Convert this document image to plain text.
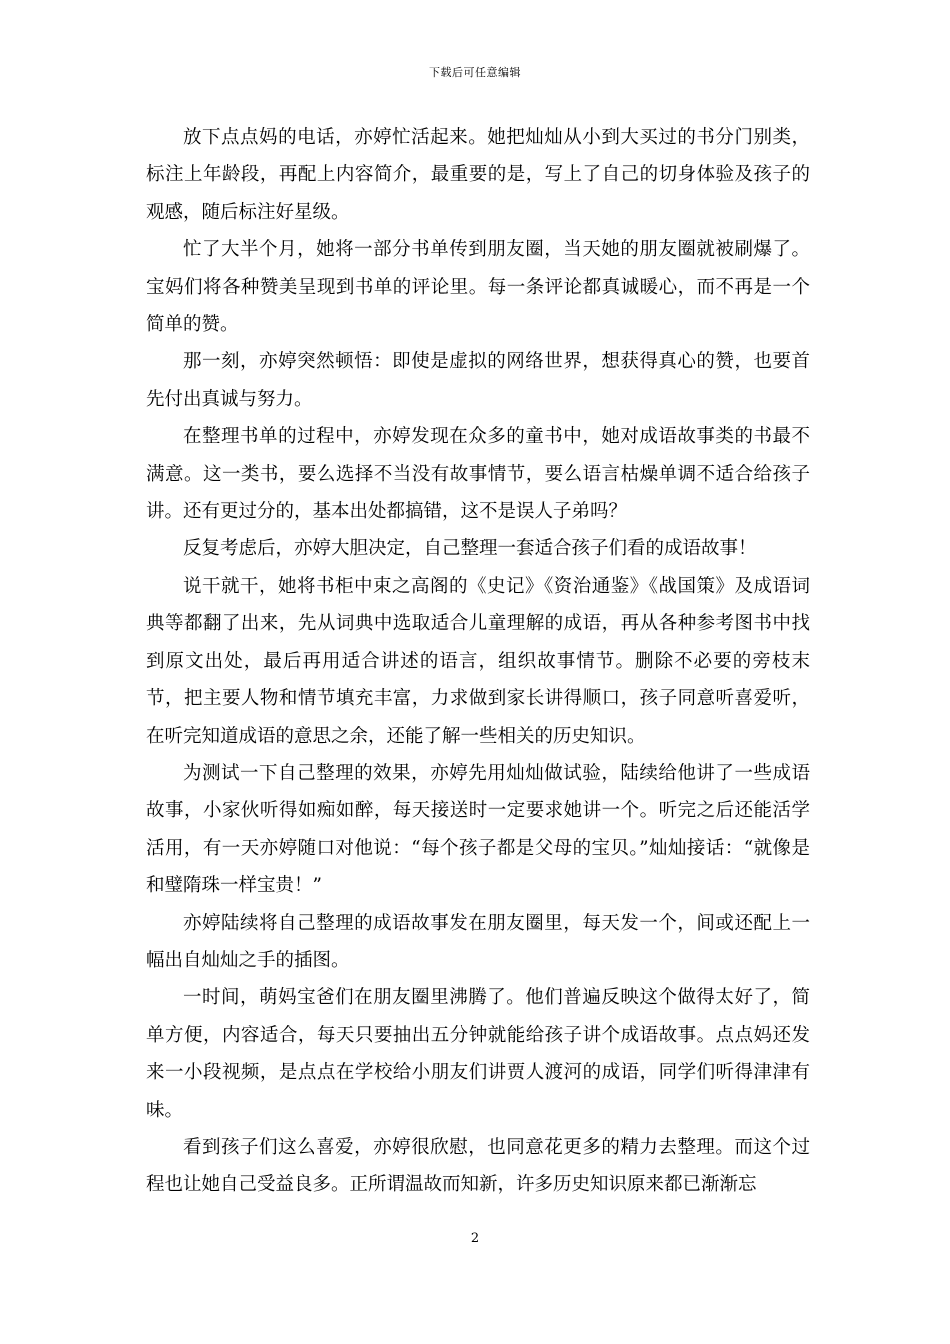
下载后可任意编辑

放下点点妈的电话，亦婷忙活起来。她把灿灿从小到大买过的书分门别类，标注上年龄段，再配上内容简介，最重要的是，写上了自己的切身体验及孩子的观感，随后标注好星级。

忙了大半个月，她将一部分书单传到朋友圈，当天她的朋友圈就被刷爆了。宝妈们将各种赞美呈现到书单的评论里。每一条评论都真诚暖心，而不再是一个简单的赞。

那一刻，亦婷突然顿悟：即使是虚拟的网络世界，想获得真心的赞，也要首先付出真诚与努力。

在整理书单的过程中，亦婷发现在众多的童书中，她对成语故事类的书最不满意。这一类书，要么选择不当没有故事情节，要么语言枯燥单调不适合给孩子讲。还有更过分的，基本出处都搞错，这不是误人子弟吗？

反复考虑后，亦婷大胆决定，自己整理一套适合孩子们看的成语故事！

说干就干，她将书柜中束之高阁的《史记》《资治通鉴》《战国策》及成语词典等都翻了出来，先从词典中选取适合儿童理解的成语，再从各种参考图书中找到原文出处，最后再用适合讲述的语言，组织故事情节。删除不必要的旁枝末节，把主要人物和情节填充丰富，力求做到家长讲得顺口，孩子同意听喜爱听，在听完知道成语的意思之余，还能了解一些相关的历史知识。

为测试一下自己整理的效果，亦婷先用灿灿做试验，陆续给他讲了一些成语故事，小家伙听得如痴如醉，每天接送时一定要求她讲一个。听完之后还能活学活用，有一天亦婷随口对他说：“每个孩子都是父母的宝贝。”灿灿接话：“就像是和璧隋珠一样宝贵！”

亦婷陆续将自己整理的成语故事发在朋友圈里，每天发一个，间或还配上一幅出自灿灿之手的插图。

一时间，萌妈宝爸们在朋友圈里沸腾了。他们普遍反映这个做得太好了，简单方便，内容适合，每天只要抽出五分钟就能给孩子讲个成语故事。点点妈还发来一小段视频，是点点在学校给小朋友们讲贾人渡河的成语，同学们听得津津有味。

看到孩子们这么喜爱，亦婷很欣慰，也同意花更多的精力去整理。而这个过程也让她自己受益良多。正所谓温故而知新，许多历史知识原来都已渐渐忘

2
